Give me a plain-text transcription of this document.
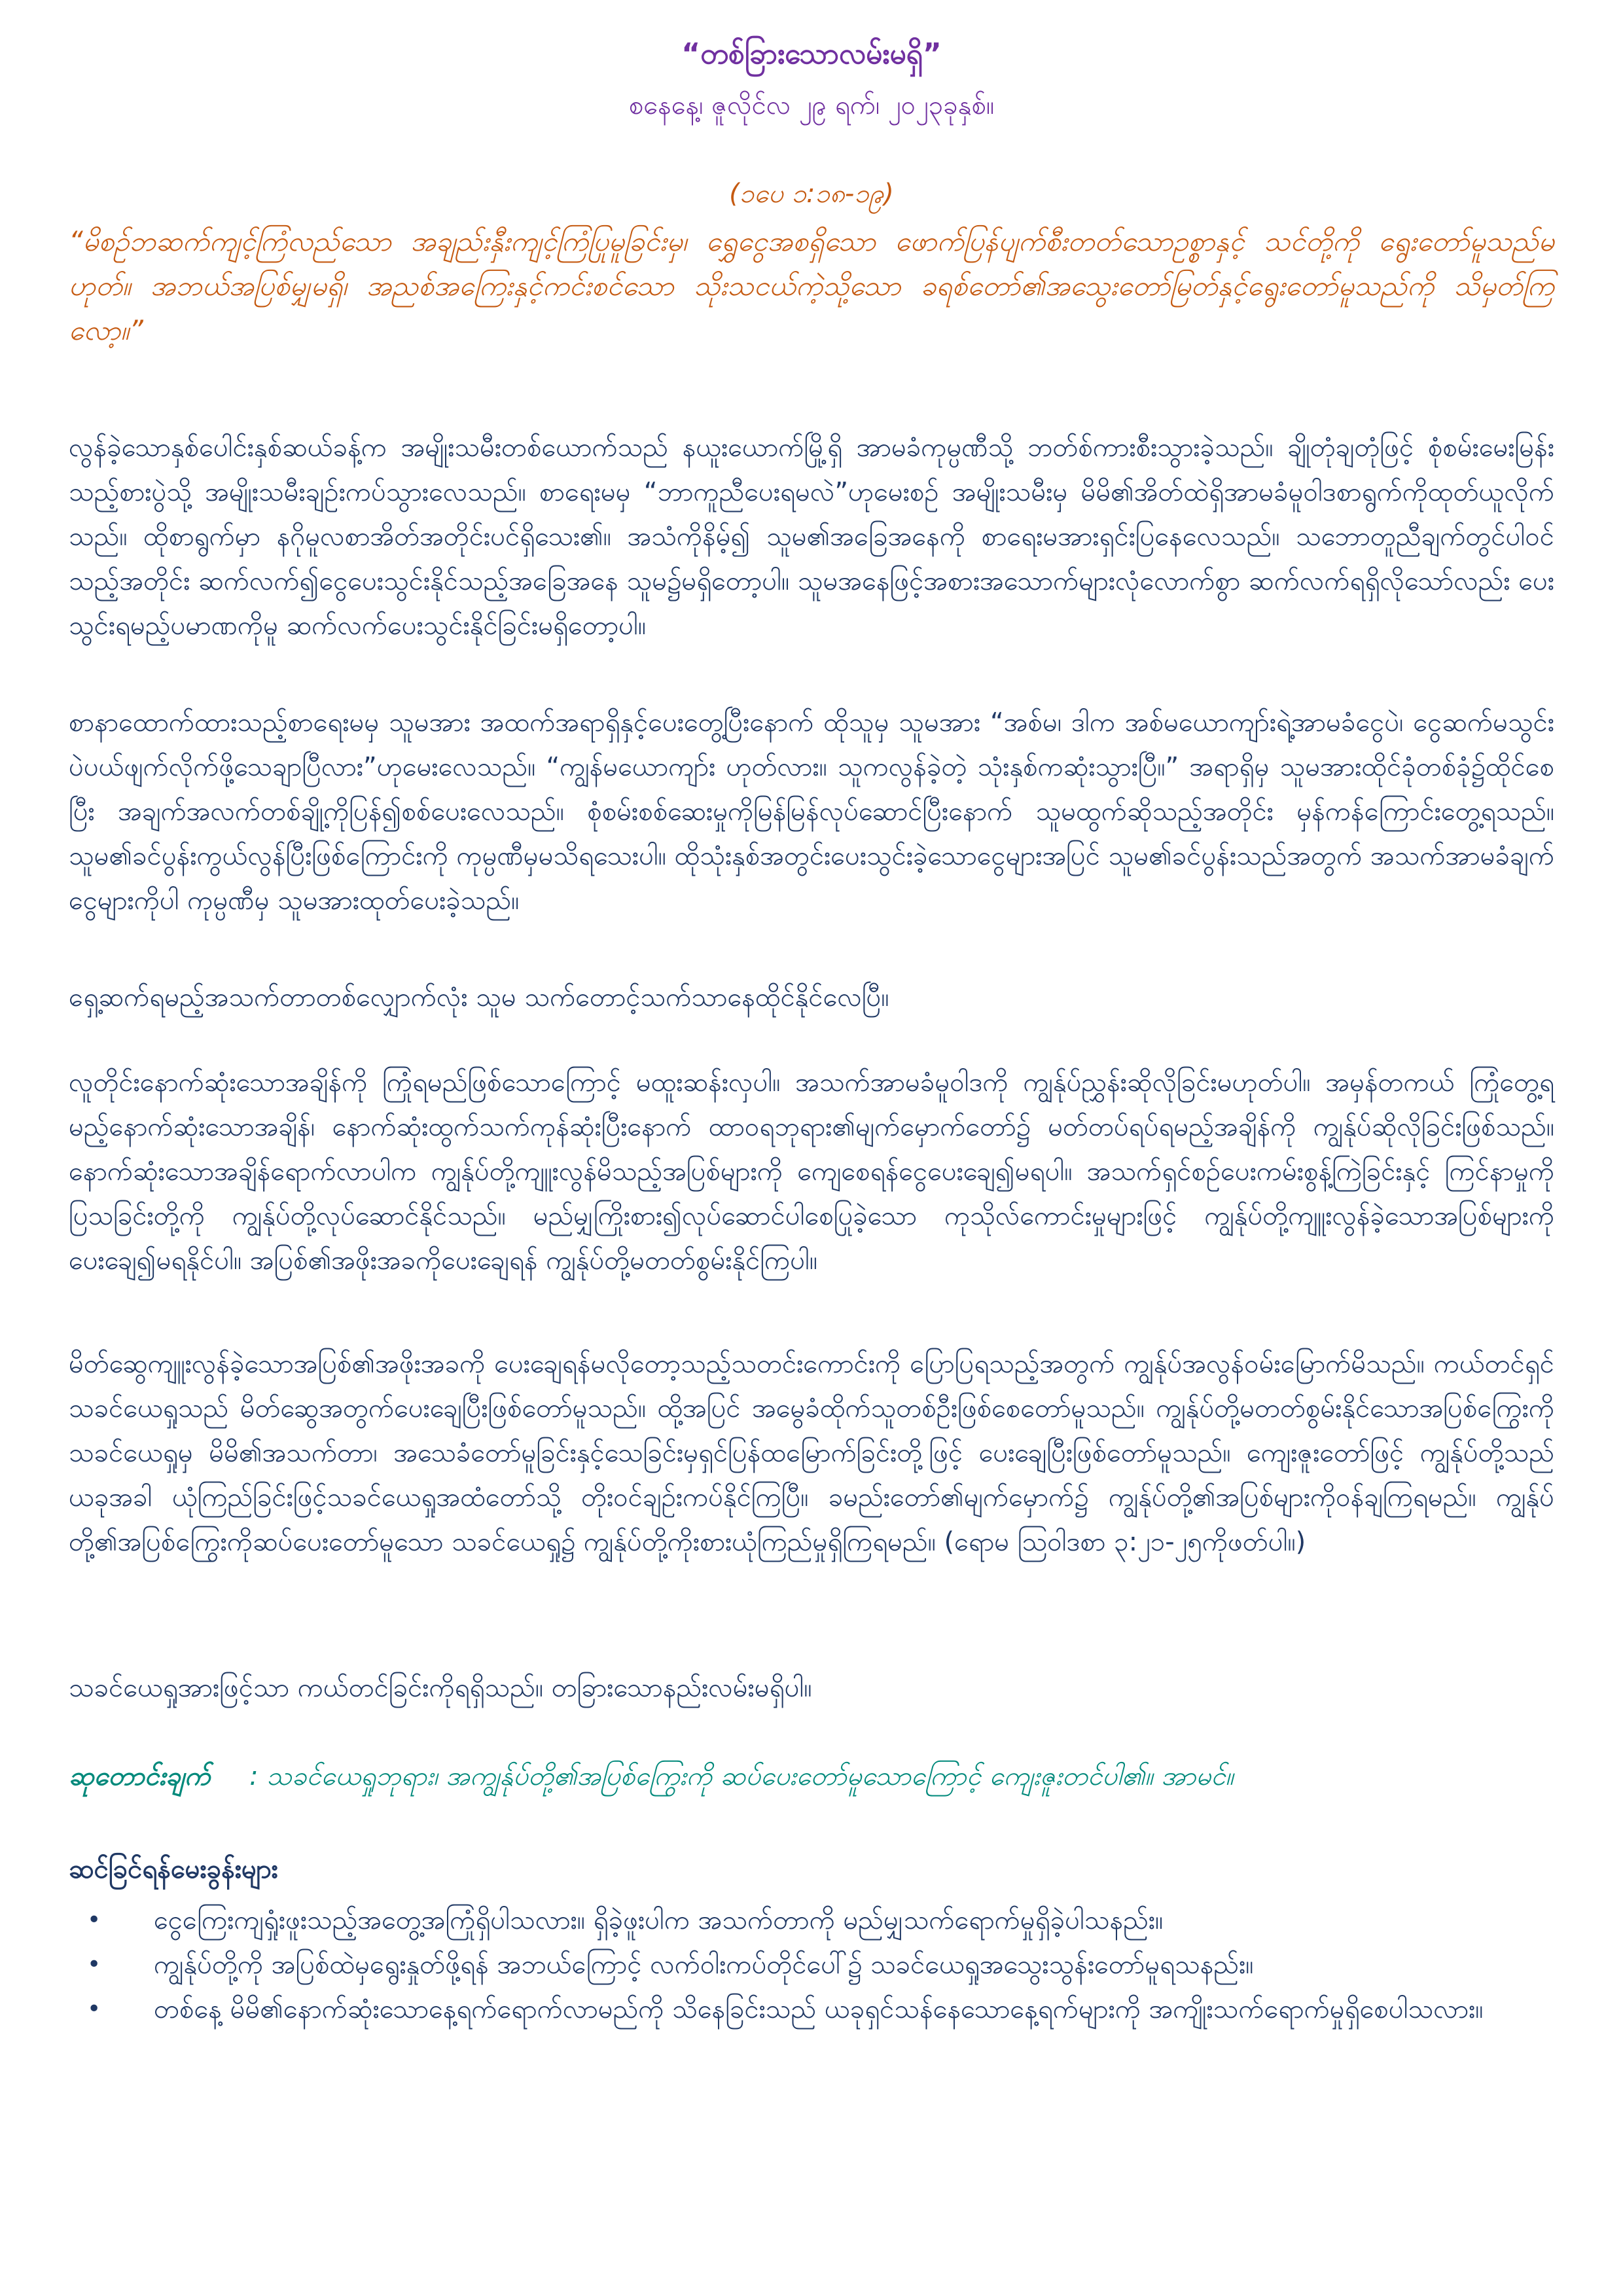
“တစ်ခြားသောလမ်းမရှိ”
စနေနေ့၊ ဇူလိုင်လ ၂၉ ရက်၊ ၂၀၂၃ခုနှစ်။
(၁ပေ ၁:၁၈-၁၉)
“မိစဉ်ဘဆက်ကျင့်ကြံလည်သော အချည်းနှီးကျင့်ကြံပြုမူခြင်းမှ၊ ရွှေငွေအစရှိသော ဖောက်ပြန်ပျက်စီးတတ်သောဥစ္စာနှင့် သင်တို့ကို ရွေးတော်မူသည်မဟုတ်။ အဘယ်အပြစ်မျှမရှိ၊ အညစ်အကြေးနှင့်ကင်းစင်သော သိုးသငယ်ကဲ့သို့သော ခရစ်တော်၏အသွေးတော်မြတ်နှင့်ရွေးတော်မူသည်ကို သိမှတ်ကြလော့။”
လွန်ခဲ့သောနှစ်ပေါင်းနှစ်ဆယ်ခန့်က အမျိုးသမီးတစ်ယောက်သည် နယူးယောက်မြို့ရှိ အာမခံကုမ္ပဏီသို့ ဘတ်စ်ကားစီးသွားခဲ့သည်။ ချိုတုံချတုံဖြင့် စုံစမ်းမေးမြန်းသည့်စားပွဲသို့ အမျိုးသမီးချဉ်းကပ်သွားလေသည်။ စာရေးမမှ “ဘာကူညီပေးရမလဲ”ဟုမေးစဉ် အမျိုးသမီးမှ မိမိ၏အိတ်ထဲရှိအာမခံမူဝါဒစာရွက်ကိုထုတ်ယူလိုက်သည်။ ထိုစာရွက်မှာ နဂိုမူလစာအိတ်အတိုင်းပင်ရှိသေး၏။ အသံကိုနိမ့်၍ သူမ၏အခြေအနေကို စာရေးမအားရှင်းပြနေလေသည်။ သဘောတူညီချက်တွင်ပါဝင်သည့်အတိုင်း ဆက်လက်၍ငွေပေးသွင်းနိုင်သည့်အခြေအနေ သူမ၌မရှိတော့ပါ။ သူမအနေဖြင့်အစားအသောက်များလုံလောက်စွာ ဆက်လက်ရရှိလိုသော်လည်း ပေးသွင်းရမည့်ပမာဏကိုမူ ဆက်လက်ပေးသွင်းနိုင်ခြင်းမရှိတော့ပါ။
စာနာထောက်ထားသည့်စာရေးမမှ သူမအား အထက်အရာရှိနှင့်ပေးတွေ့ပြီးနောက် ထိုသူမှ သူမအား “အစ်မ၊ ဒါက အစ်မယောကျာ်းရဲ့အာမခံငွေပဲ၊ ငွေဆက်မသွင်းပဲပယ်ဖျက်လိုက်ဖို့သေချာပြီလား”ဟုမေးလေသည်။ “ကျွန်မယောကျာ်း ဟုတ်လား။ သူကလွန်ခဲ့တဲ့ သုံးနှစ်ကဆုံးသွားပြီ။” အရာရှိမှ သူမအားထိုင်ခုံတစ်ခုံ၌ထိုင်စေပြီး အချက်အလက်တစ်ချို့ကိုပြန်၍စစ်ပေးလေသည်။ စုံစမ်းစစ်ဆေးမှုကိုမြန်မြန်လုပ်ဆောင်ပြီးနောက် သူမထွက်ဆိုသည့်အတိုင်း မှန်ကန်ကြောင်းတွေ့ရသည်။ သူမ၏ခင်ပွန်းကွယ်လွန်ပြီးဖြစ်ကြောင်းကို ကုမ္ပဏီမှမသိရသေးပါ။ ထိုသုံးနှစ်အတွင်းပေးသွင်းခဲ့သောငွေများအပြင် သူမ၏ခင်ပွန်းသည်အတွက် အသက်အာမခံချက်ငွေများကိုပါ ကုမ္ပဏီမှ သူမအားထုတ်ပေးခဲ့သည်။
ရှေ့ဆက်ရမည့်အသက်တာတစ်လျှောက်လုံး သူမ သက်တောင့်သက်သာနေထိုင်နိုင်လေပြီ။
လူတိုင်းနောက်ဆုံးသောအချိန်ကို ကြုံရမည်ဖြစ်သောကြောင့် မထူးဆန်းလှပါ။ အသက်အာမခံမူဝါဒကို ကျွန်ုပ်ညွှန်းဆိုလိုခြင်းမဟုတ်ပါ။ အမှန်တကယ် ကြုံတွေ့ရမည့်နောက်ဆုံးသောအချိန်၊ နောက်ဆုံးထွက်သက်ကုန်ဆုံးပြီးနောက် ထာဝရဘုရား၏မျက်မှောက်တော်၌ မတ်တပ်ရပ်ရမည့်အချိန်ကို ကျွန်ုပ်ဆိုလိုခြင်းဖြစ်သည်။ နောက်ဆုံးသောအချိန်ရောက်လာပါက ကျွန်ုပ်တို့ကျူးလွန်မိသည့်အပြစ်များကို ကျေစေရန်ငွေပေးချေ၍မရပါ။ အသက်ရှင်စဉ်ပေးကမ်းစွန့်ကြဲခြင်းနှင့် ကြင်နာမှုကိုပြသခြင်းတို့ကို ကျွန်ုပ်တို့လုပ်ဆောင်နိုင်သည်။ မည်မျှကြိုးစား၍လုပ်ဆောင်ပါစေပြုခဲ့သော ကုသိုလ်ကောင်းမှုများဖြင့် ကျွန်ုပ်တို့ကျူးလွန်ခဲ့သောအပြစ်များကို ပေးချေ၍မရနိုင်ပါ။ အပြစ်၏အဖိုးအခကိုပေးချေရန် ကျွန်ုပ်တို့မတတ်စွမ်းနိုင်ကြပါ။
မိတ်ဆွေကျူးလွန်ခဲ့သောအပြစ်၏အဖိုးအခကို ပေးချေရန်မလိုတော့သည့်သတင်းကောင်းကို ပြောပြရသည့်အတွက် ကျွန်ုပ်အလွန်ဝမ်းမြောက်မိသည်။ ကယ်တင်ရှင်သခင်ယေရှုသည် မိတ်ဆွေအတွက်ပေးချေပြီးဖြစ်တော်မူသည်။ ထို့အပြင် အမွေခံထိုက်သူတစ်ဦးဖြစ်စေတော်မူသည်။ ကျွန်ုပ်တို့မတတ်စွမ်းနိုင်သောအပြစ်ကြွေးကို သခင်ယေရှုမှ မိမိ၏အသက်တာ၊ အသေခံတော်မူခြင်းနှင့်သေခြင်းမှရှင်ပြန်ထမြောက်ခြင်းတို့ဖြင့် ပေးချေပြီးဖြစ်တော်မူသည်။ ကျေးဇူးတော်ဖြင့် ကျွန်ုပ်တို့သည် ယခုအခါ ယုံကြည်ခြင်းဖြင့်သခင်ယေရှုအထံတော်သို့ တိုးဝင်ချဉ်းကပ်နိုင်ကြပြီ။ ခမည်းတော်၏မျက်မှောက်၌ ကျွန်ုပ်တို့၏အပြစ်များကိုဝန်ချကြရမည်။ ကျွန်ုပ်တို့၏အပြစ်ကြွေးကိုဆပ်ပေးတော်မူသော သခင်ယေရှု၌ ကျွန်ုပ်တို့ကိုးစားယုံကြည်မှုရှိကြရမည်။ (ရောမ ဩဝါဒစာ ၃:၂၁-၂၅ကိုဖတ်ပါ။)
သခင်ယေရှုအားဖြင့်သာ ကယ်တင်ခြင်းကိုရရှိသည်။ တခြားသောနည်းလမ်းမရှိပါ။
ဆုတောင်းချက် : သခင်ယေရှုဘုရား၊ အကျွန်ုပ်တို့၏အပြစ်ကြွေးကို ဆပ်ပေးတော်မူသောကြောင့် ကျေးဇူးတင်ပါ၏။ အာမင်။
ဆင်ခြင်ရန်မေးခွန်းများ
• ငွေကြေးကျရှုံးဖူးသည့်အတွေ့အကြုံရှိပါသလား။ ရှိခဲ့ဖူးပါက အသက်တာကို မည်မျှသက်ရောက်မှုရှိခဲ့ပါသနည်း။
• ကျွန်ုပ်တို့ကို အပြစ်ထဲမှရွေးနှုတ်ဖို့ရန် အဘယ်ကြောင့် လက်ဝါးကပ်တိုင်ပေါ်၌ သခင်ယေရှုအသွေးသွန်းတော်မူရသနည်း။
• တစ်နေ့ မိမိ၏နောက်ဆုံးသောနေ့ရက်ရောက်လာမည်ကို သိနေခြင်းသည် ယခုရှင်သန်နေသောနေ့ရက်များကို အကျိုးသက်ရောက်မှုရှိစေပါသလား။
